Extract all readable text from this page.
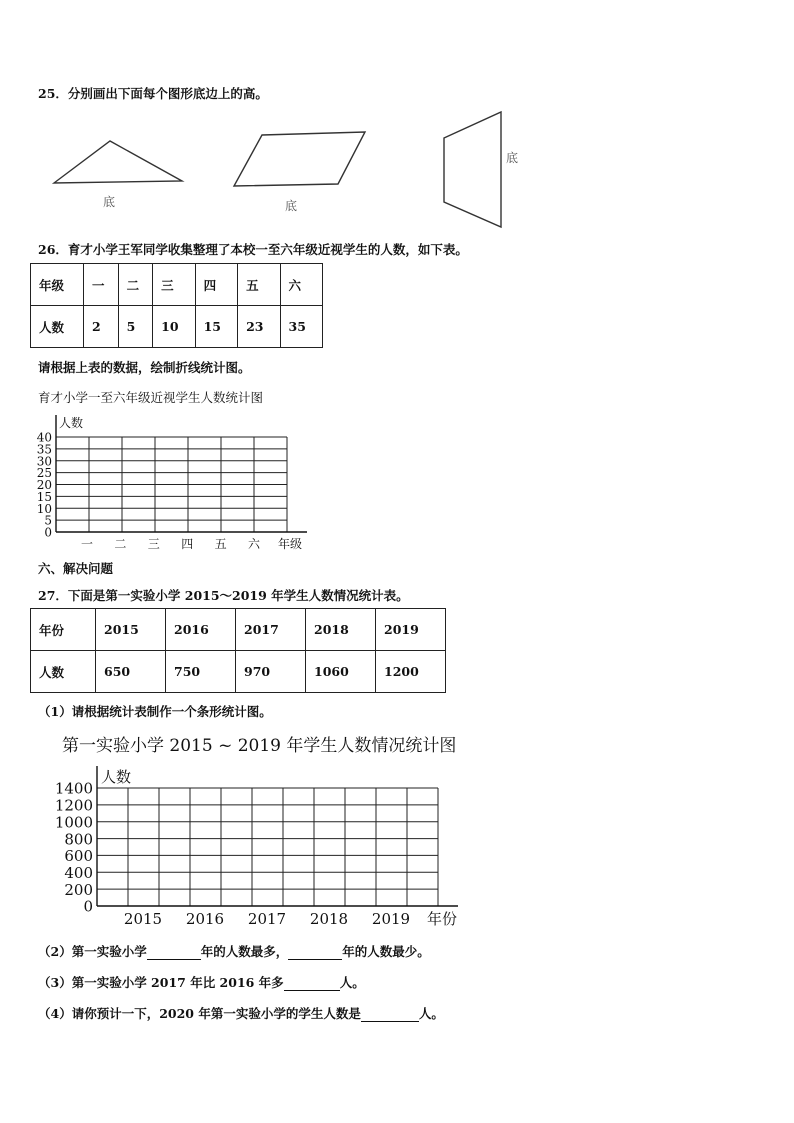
25．分别画出下面每个图形底边上的高。
底	底
底
26．育才小学王军同学收集整理了本校一至六年级近视学生的人数，如下表。
年级	一	二	三	四	五	六
人数	2	5	10	15	23	35
请根据上表的数据，绘制折线统计图。
育才小学一至六年级近视学生人数统计图
0
5
10
15
20
25
30
35
40
人数
一 二 三 四 五 六 年级
六、解决问题
27．下面是第一实验小学 2015～2019 年学生人数情况统计表。
年份	2015	2016	2017	2018	2019
人数	650	750	970	1060	1200
（1）请根据统计表制作一个条形统计图。
第一实验小学 2015 ~ 2019 年学生人数情况统计图
0
200
400
600
800
1000
1200
1400
人数
2015 2016 2017 2018 2019 年份
（2）第一实验小学	年的人数最多，	年的人数最少。
（3）第一实验小学 2017 年比 2016 年多	人。
（4）请你预计一下，2020 年第一实验小学的学生人数是	人。
